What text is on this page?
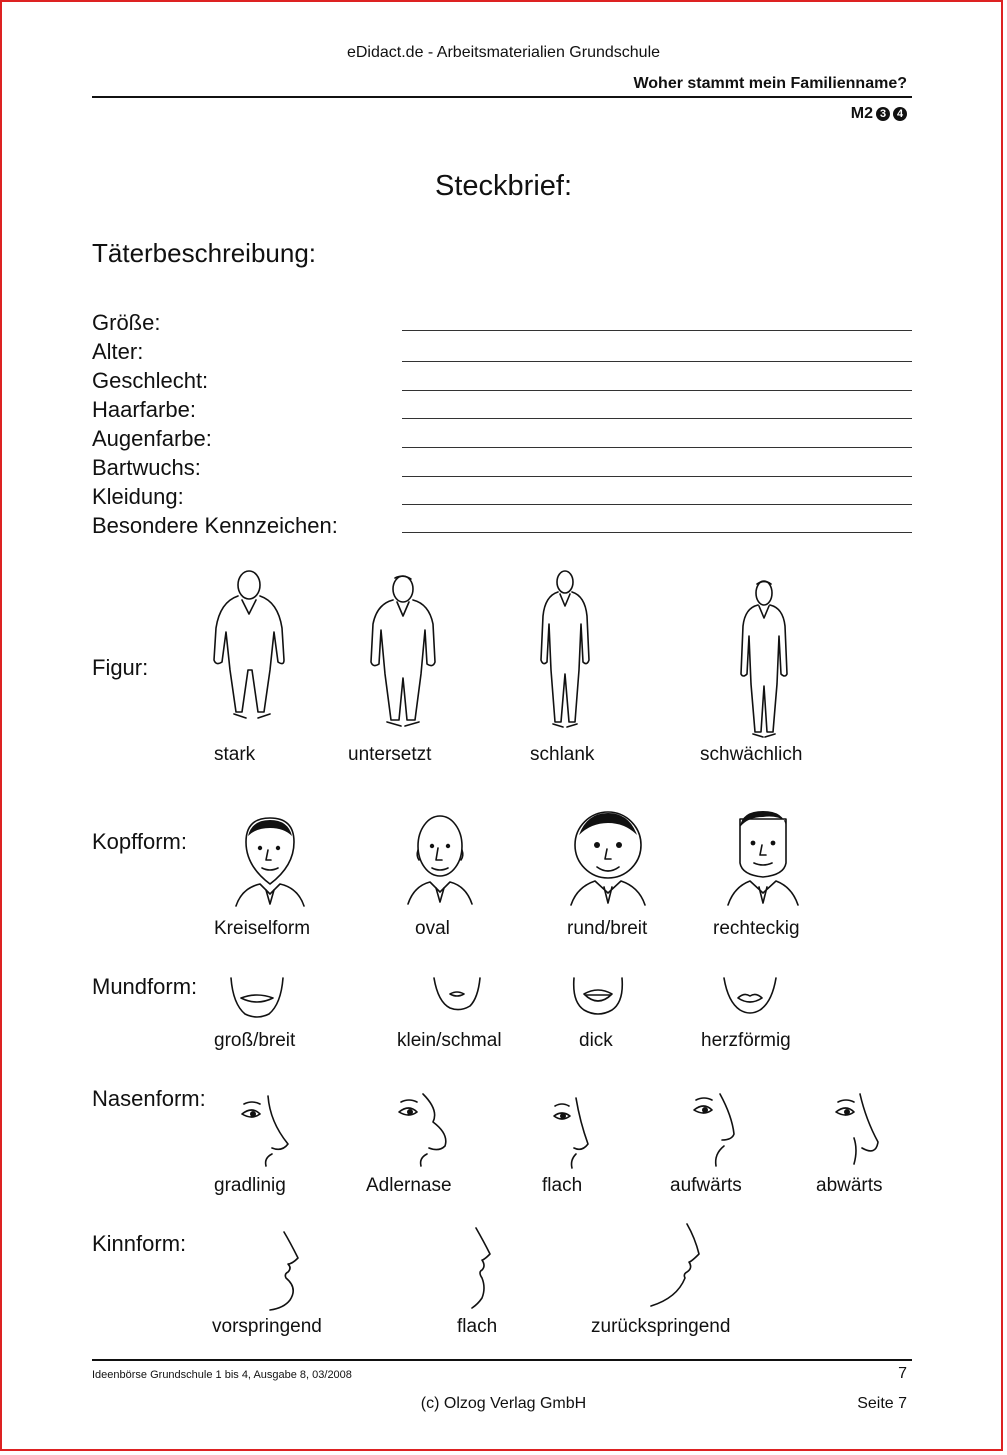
eDidact.de - Arbeitsmaterialien Grundschule
Woher stammt mein Familienname?
M2 3 4
Steckbrief:
Täterbeschreibung:
Größe:
Alter:
Geschlecht:
Haarfarbe:
Augenfarbe:
Bartwuchs:
Kleidung:
Besondere Kennzeichen:
Figur:
stark	untersetzt	schlank	schwächlich
Kopfform:
Kreiselform	oval	rund/breit	rechteckig
Mundform:
groß/breit	klein/schmal	dick	herzförmig
Nasenform:
gradlinig	Adlernase	flach	aufwärts	abwärts
Kinnform:
vorspringend	flach	zurückspringend
Ideenbörse Grundschule 1 bis 4, Ausgabe 8, 03/2008	7
(c) Olzog Verlag GmbH	Seite 7
